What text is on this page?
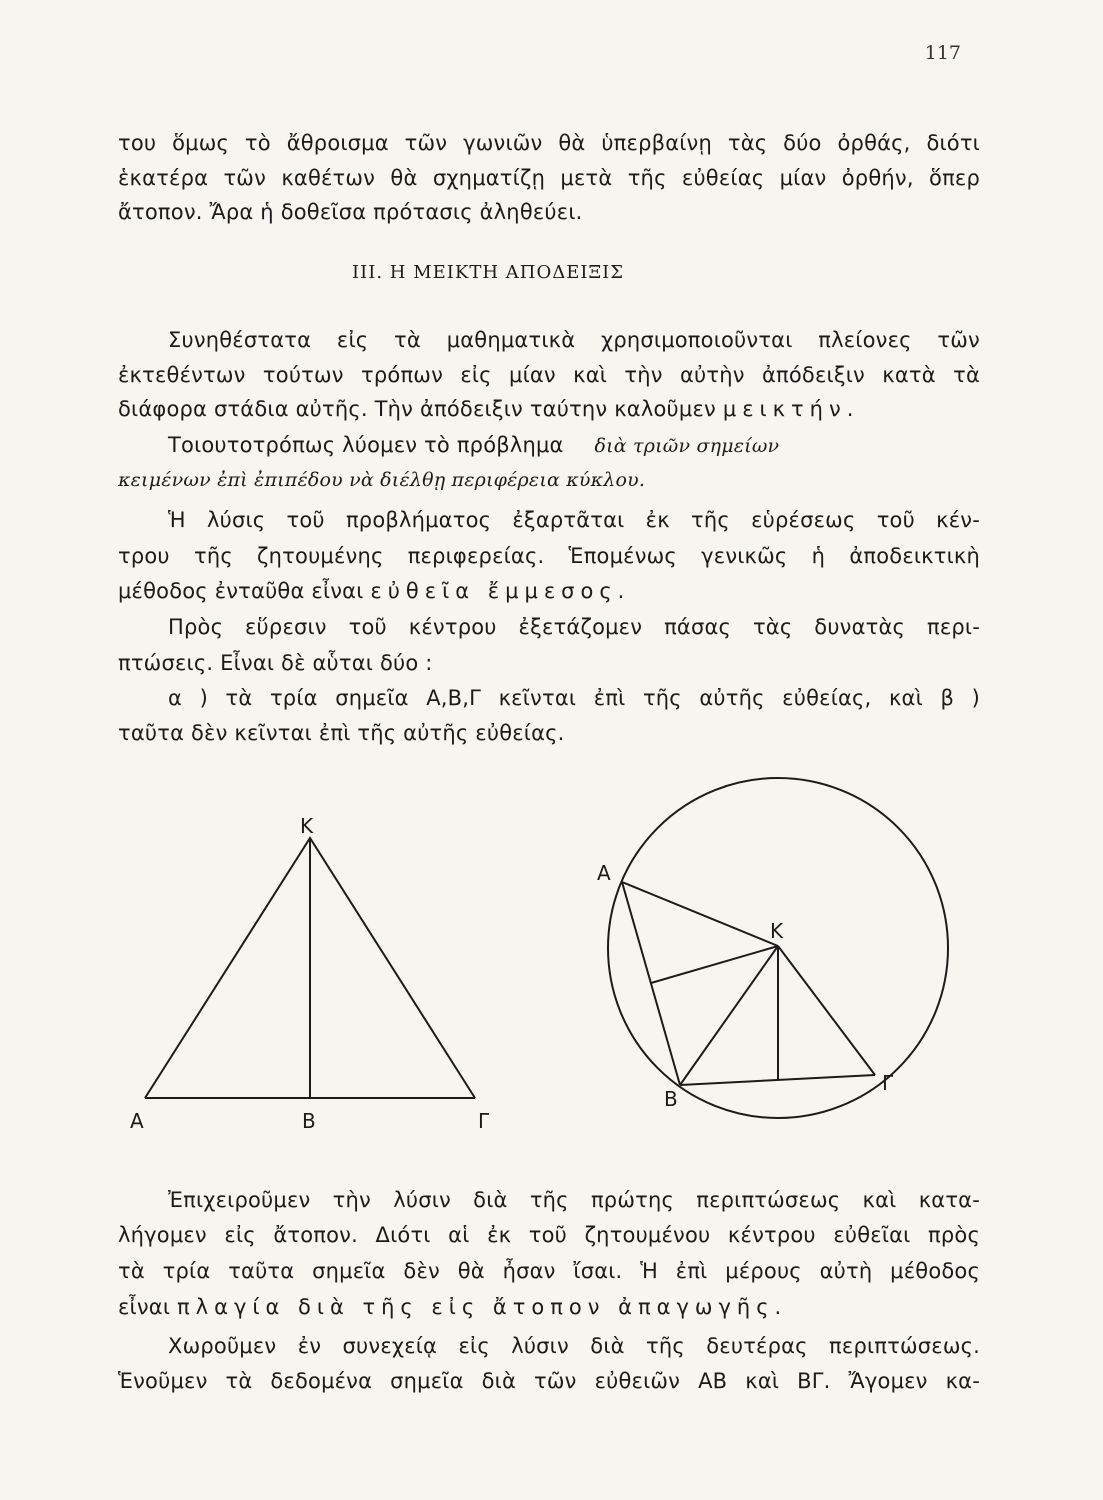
117
του ὅμως τὸ ἄθροισμα τῶν γωνιῶν θὰ ὑπερβαίνῃ τὰς δύο ὀρθάς, διότι
ἑκατέρα τῶν καθέτων θὰ σχηματίζῃ μετὰ τῆς εὐθείας μίαν ὀρθήν, ὅπερ
ἄτοπον. Ἄρα ἡ δοθεῖσα πρότασις ἀληθεύει.
III. Η ΜΕΙΚΤΗ ΑΠΟΔΕΙΞΙΣ
Συνηθέστατα εἰς τὰ μαθηματικὰ χρησιμοποιοῦνται πλείονες τῶν
ἐκτεθέντων τούτων τρόπων εἰς μίαν καὶ τὴν αὐτὴν ἀπόδειξιν κατὰ τὰ
διάφορα στάδια αὐτῆς. Τὴν ἀπόδειξιν ταύτην καλοῦμεν μεικτήν.
Τοιουτοτρόπως λύομεν τὸ πρόβλημα διὰ τριῶν σημείων
κειμένων ἐπὶ ἐπιπέδου νὰ διέλθῃ περιφέρεια κύκλου.
Ἡ λύσις τοῦ προβλήματος ἐξαρτᾶται ἐκ τῆς εὑρέσεως τοῦ κέν-
τρου τῆς ζητουμένης περιφερείας. Ἑπομένως γενικῶς ἡ ἀποδεικτικὴ
μέθοδος ἐνταῦθα εἶναι εὐθεῖα ἔμμεσος.
Πρὸς εὕρεσιν τοῦ κέντρου ἐξετάζομεν πάσας τὰς δυνατὰς περι-
πτώσεις. Εἶναι δὲ αὗται δύο :
α ) τὰ τρία σημεῖα Α,Β,Γ κεῖνται ἐπὶ τῆς αὐτῆς εὐθείας, καὶ β )
ταῦτα δὲν κεῖνται ἐπὶ τῆς αὐτῆς εὐθείας.
Κ
Α	Β	Γ
Α
Κ
Β
Γ
Ἐπιχειροῦμεν τὴν λύσιν διὰ τῆς πρώτης περιπτώσεως καὶ κατα-
λήγομεν εἰς ἄτοπον. Διότι αἱ ἐκ τοῦ ζητουμένου κέντρου εὐθεῖαι πρὸς
τὰ τρία ταῦτα σημεῖα δὲν θὰ ἦσαν ἴσαι. Ἡ ἐπὶ μέρους αὐτὴ μέθοδος
εἶναι πλαγία διὰ τῆς εἰς ἄτοπον ἀπαγωγῆς.
Χωροῦμεν ἐν συνεχείᾳ εἰς λύσιν διὰ τῆς δευτέρας περιπτώσεως.
Ἑνοῦμεν τὰ δεδομένα σημεῖα διὰ τῶν εὐθειῶν ΑΒ καὶ ΒΓ. Ἄγομεν κα-
